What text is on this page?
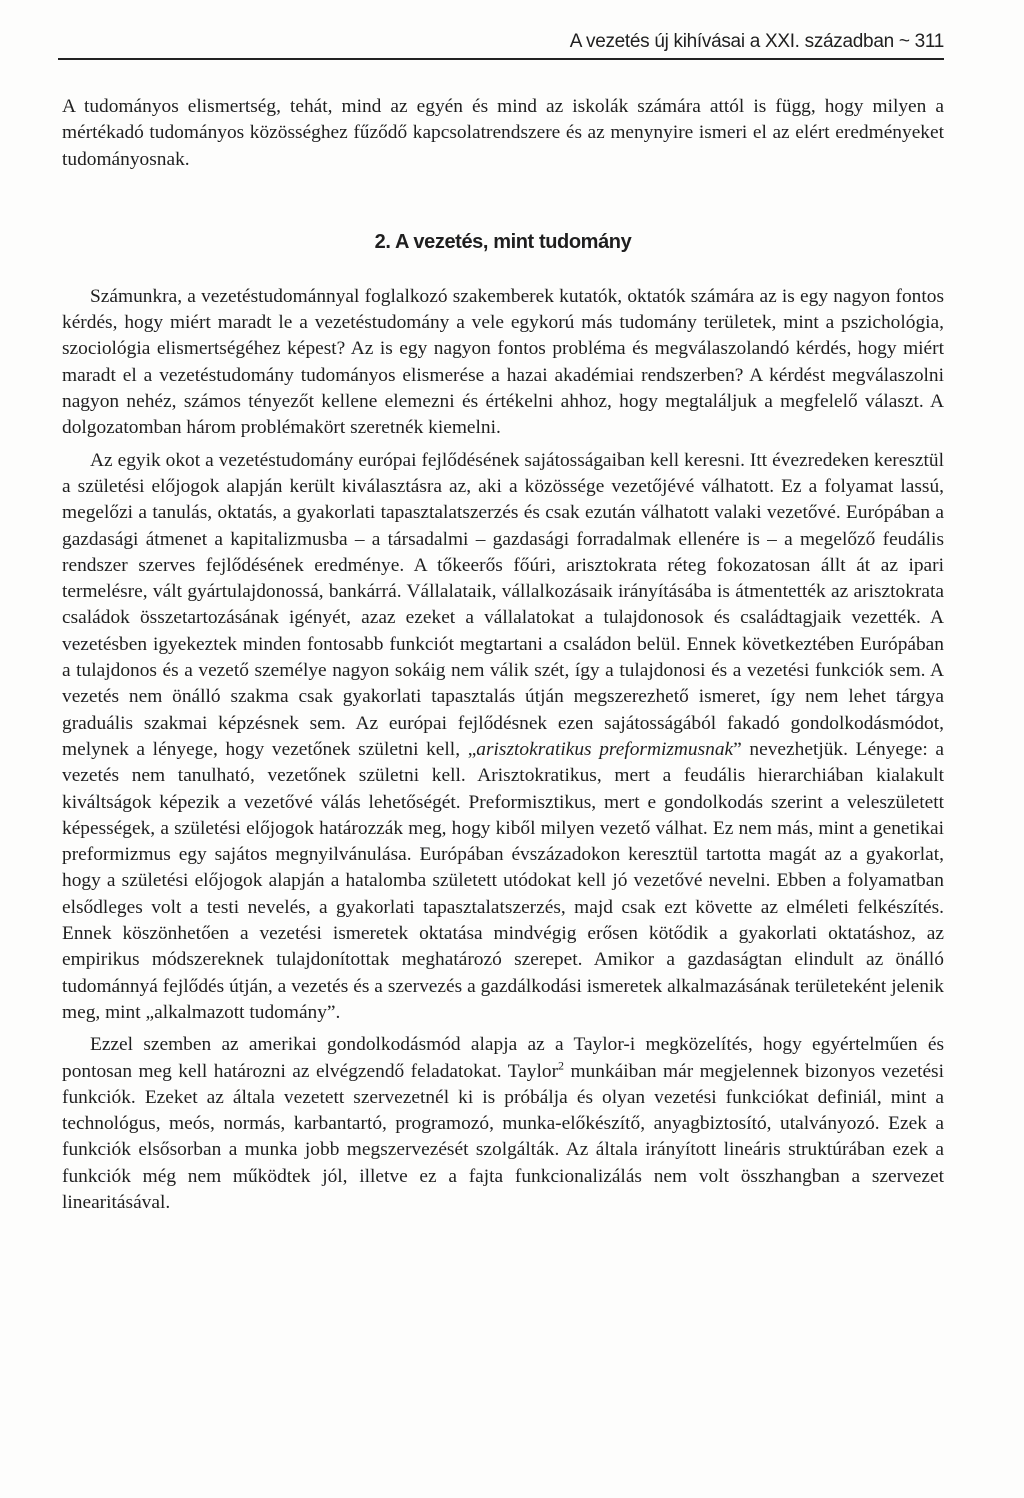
A vezetés új kihívásai a XXI. században ~ 311

A tudományos elismertség, tehát, mind az egyén és mind az iskolák számára attól is függ, hogy milyen a mértékadó tudományos közösséghez fűződő kapcsolatrendszere és az menynyire ismeri el az elért eredményeket tudományosnak.

2. A vezetés, mint tudomány

Számunkra, a vezetéstudománnyal foglalkozó szakemberek kutatók, oktatók számára az is egy nagyon fontos kérdés, hogy miért maradt le a vezetéstudomány a vele egykorú más tudomány területek, mint a pszichológia, szociológia elismertségéhez képest? Az is egy nagyon fontos probléma és megválaszolandó kérdés, hogy miért maradt el a vezetéstudomány tudományos elismerése a hazai akadémiai rendszerben? A kérdést megválaszolni nagyon nehéz, számos tényezőt kellene elemezni és értékelni ahhoz, hogy megtaláljuk a megfelelő választ. A dolgozatomban három problémakört szeretnék kiemelni.

Az egyik okot a vezetéstudomány európai fejlődésének sajátosságaiban kell keresni. Itt évezredeken keresztül a születési előjogok alapján került kiválasztásra az, aki a közössége vezetőjévé válhatott. Ez a folyamat lassú, megelőzi a tanulás, oktatás, a gyakorlati tapasztalatszerzés és csak ezután válhatott valaki vezetővé. Európában a gazdasági átmenet a kapitalizmusba – a társadalmi – gazdasági forradalmak ellenére is – a megelőző feudális rendszer szerves fejlődésének eredménye. A tőkeerős főúri, arisztokrata réteg fokozatosan állt át az ipari termelésre, vált gyártulajdonossá, bankárrá. Vállalataik, vállalkozásaik irányításába is átmentették az arisztokrata családok összetartozásának igényét, azaz ezeket a vállalatokat a tulajdonosok és családtagjaik vezették. A vezetésben igyekeztek minden fontosabb funkciót megtartani a családon belül. Ennek következtében Európában a tulajdonos és a vezető személye nagyon sokáig nem válik szét, így a tulajdonosi és a vezetési funkciók sem. A vezetés nem önálló szakma csak gyakorlati tapasztalás útján megszerezhető ismeret, így nem lehet tárgya graduális szakmai képzésnek sem. Az európai fejlődésnek ezen sajátosságából fakadó gondolkodásmódot, melynek a lényege, hogy vezetőnek születni kell, „arisztokratikus preformizmusnak” nevezhetjük. Lényege: a vezetés nem tanulható, vezetőnek születni kell. Arisztokratikus, mert a feudális hierarchiában kialakult kiváltságok képezik a vezetővé válás lehetőségét. Preformisztikus, mert e gondolkodás szerint a veleszületett képességek, a születési előjogok határozzák meg, hogy kiből milyen vezető válhat. Ez nem más, mint a genetikai preformizmus egy sajátos megnyilvánulása. Európában évszázadokon keresztül tartotta magát az a gyakorlat, hogy a születési előjogok alapján a hatalomba született utódokat kell jó vezetővé nevelni. Ebben a folyamatban elsődleges volt a testi nevelés, a gyakorlati tapasztalatszerzés, majd csak ezt követte az elméleti felkészítés. Ennek köszönhetően a vezetési ismeretek oktatása mindvégig erősen kötődik a gyakorlati oktatáshoz, az empirikus módszereknek tulajdonítottak meghatározó szerepet. Amikor a gazdaságtan elindult az önálló tudománnyá fejlődés útján, a vezetés és a szervezés a gazdálkodási ismeretek alkalmazásának területeként jelenik meg, mint „alkalmazott tudomány”.

Ezzel szemben az amerikai gondolkodásmód alapja az a Taylor-i megközelítés, hogy egyértelműen és pontosan meg kell határozni az elvégzendő feladatokat. Taylor$^2$ munkáiban már megjelennek bizonyos vezetési funkciók. Ezeket az általa vezetett szervezetnél ki is próbálja és olyan vezetési funkciókat definiál, mint a technológus, meós, normás, karbantartó, programozó, munka-előkészítő, anyagbiztosító, utalványozó. Ezek a funkciók elsősorban a munka jobb megszervezését szolgálták. Az általa irányított lineáris struktúrában ezek a funkciók még nem működtek jól, illetve ez a fajta funkcionalizálás nem volt összhangban a szervezet linearitásával.
